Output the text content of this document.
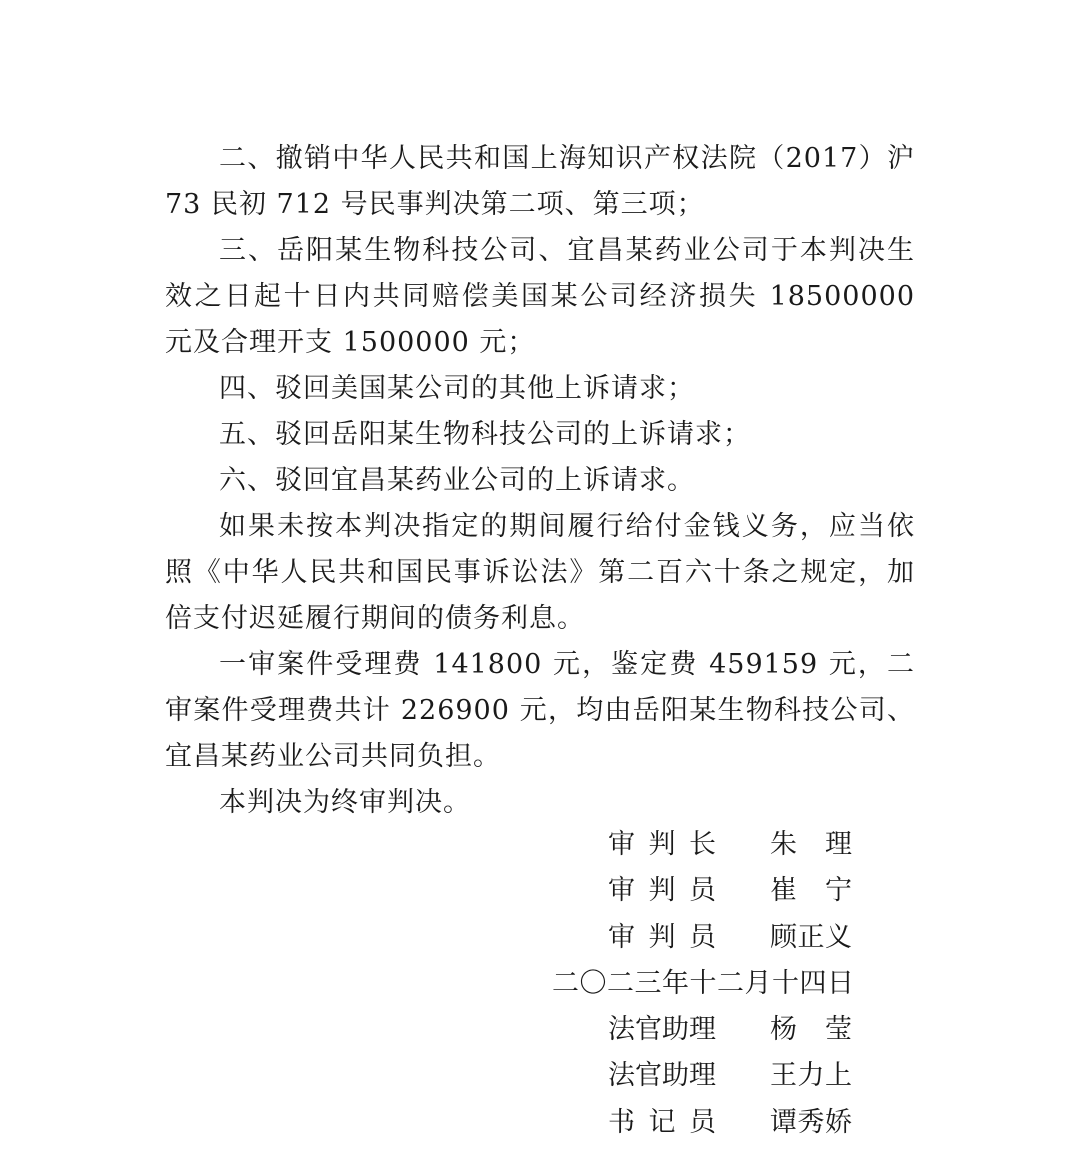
二、撤销中华人民共和国上海知识产权法院（2017）沪 73 民初 712 号民事判决第二项、第三项；

三、岳阳某生物科技公司、宜昌某药业公司于本判决生效之日起十日内共同赔偿美国某公司经济损失 18500000 元及合理开支 1500000 元；

四、驳回美国某公司的其他上诉请求；

五、驳回岳阳某生物科技公司的上诉请求；

六、驳回宜昌某药业公司的上诉请求。

如果未按本判决指定的期间履行给付金钱义务，应当依照《中华人民共和国民事诉讼法》第二百六十条之规定，加倍支付迟延履行期间的债务利息。

一审案件受理费 141800 元，鉴定费 459159 元，二审案件受理费共计 226900 元，均由岳阳某生物科技公司、宜昌某药业公司共同负担。

本判决为终审判决。

审判长 朱理
审判员 崔宁
审判员 顾正义
二〇二三年十二月十四日
法官助理 杨莹
法官助理 王力上
书记员 谭秀娇
